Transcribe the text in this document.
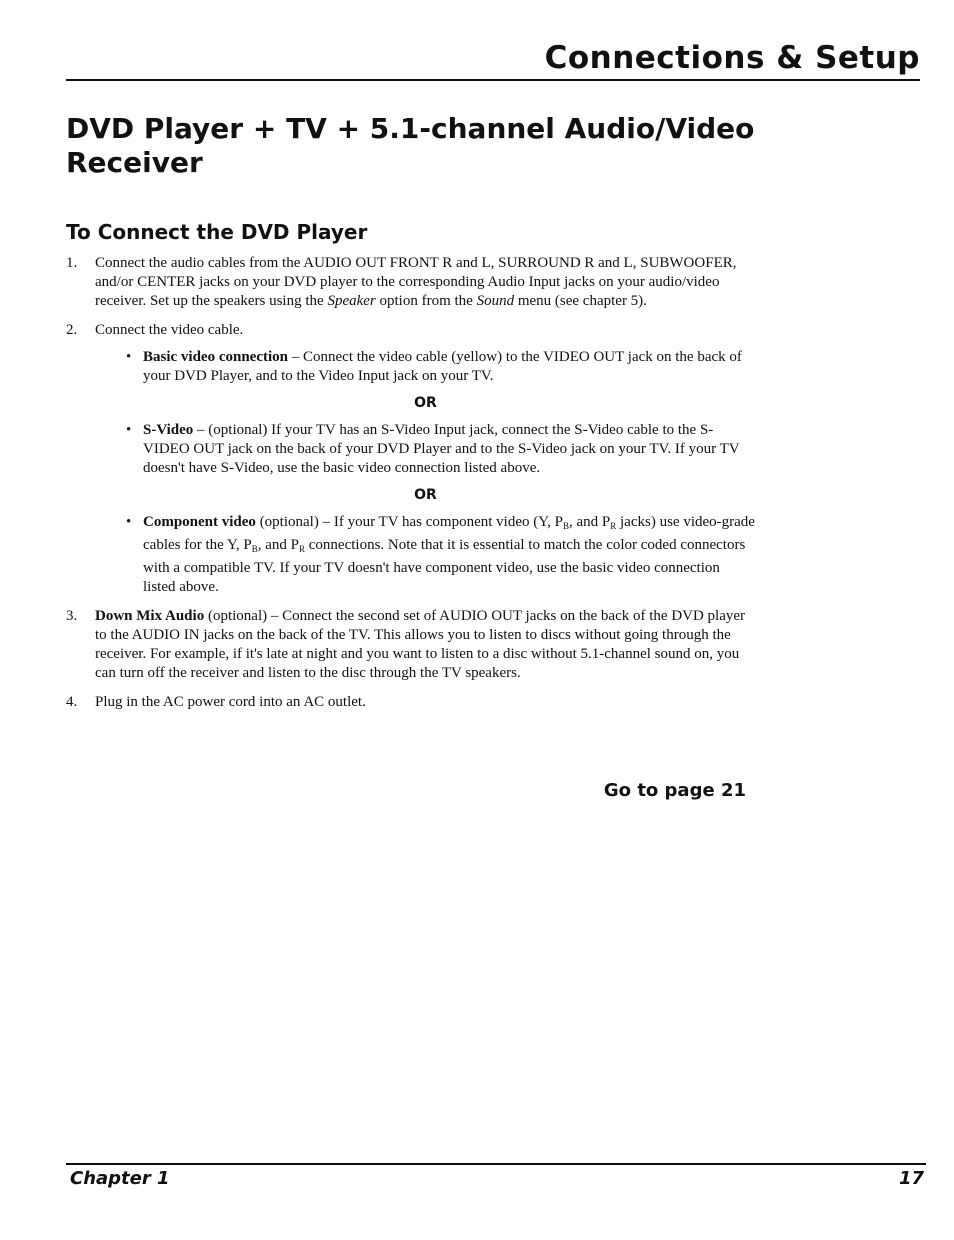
Connections & Setup
DVD Player + TV + 5.1-channel Audio/Video Receiver
To Connect the DVD Player
1. Connect the audio cables from the AUDIO OUT FRONT R and L, SURROUND R and L, SUBWOOFER, and/or CENTER jacks on your DVD player to the corresponding Audio Input jacks on your audio/video receiver. Set up the speakers using the Speaker option from the Sound menu (see chapter 5).
2. Connect the video cable.
• Basic video connection – Connect the video cable (yellow) to the VIDEO OUT jack on the back of your DVD Player, and to the Video Input jack on your TV.
OR
• S-Video – (optional) If your TV has an S-Video Input jack, connect the S-Video cable to the S-VIDEO OUT jack on the back of your DVD Player and to the S-Video jack on your TV. If your TV doesn't have S-Video, use the basic video connection listed above.
OR
• Component video (optional) – If your TV has component video (Y, $P_B$, and $P_R$ jacks) use video-grade cables for the Y, $P_B$, and $P_R$ connections. Note that it is essential to match the color coded connectors with a compatible TV. If your TV doesn't have component video, use the basic video connection listed above.
3. Down Mix Audio (optional) – Connect the second set of AUDIO OUT jacks on the back of the DVD player to the AUDIO IN jacks on the back of the TV. This allows you to listen to discs without going through the receiver. For example, if it's late at night and you want to listen to a disc without 5.1-channel sound on, you can turn off the receiver and listen to the disc through the TV speakers.
4. Plug in the AC power cord into an AC outlet.
Go to page 21
Chapter 1	17
